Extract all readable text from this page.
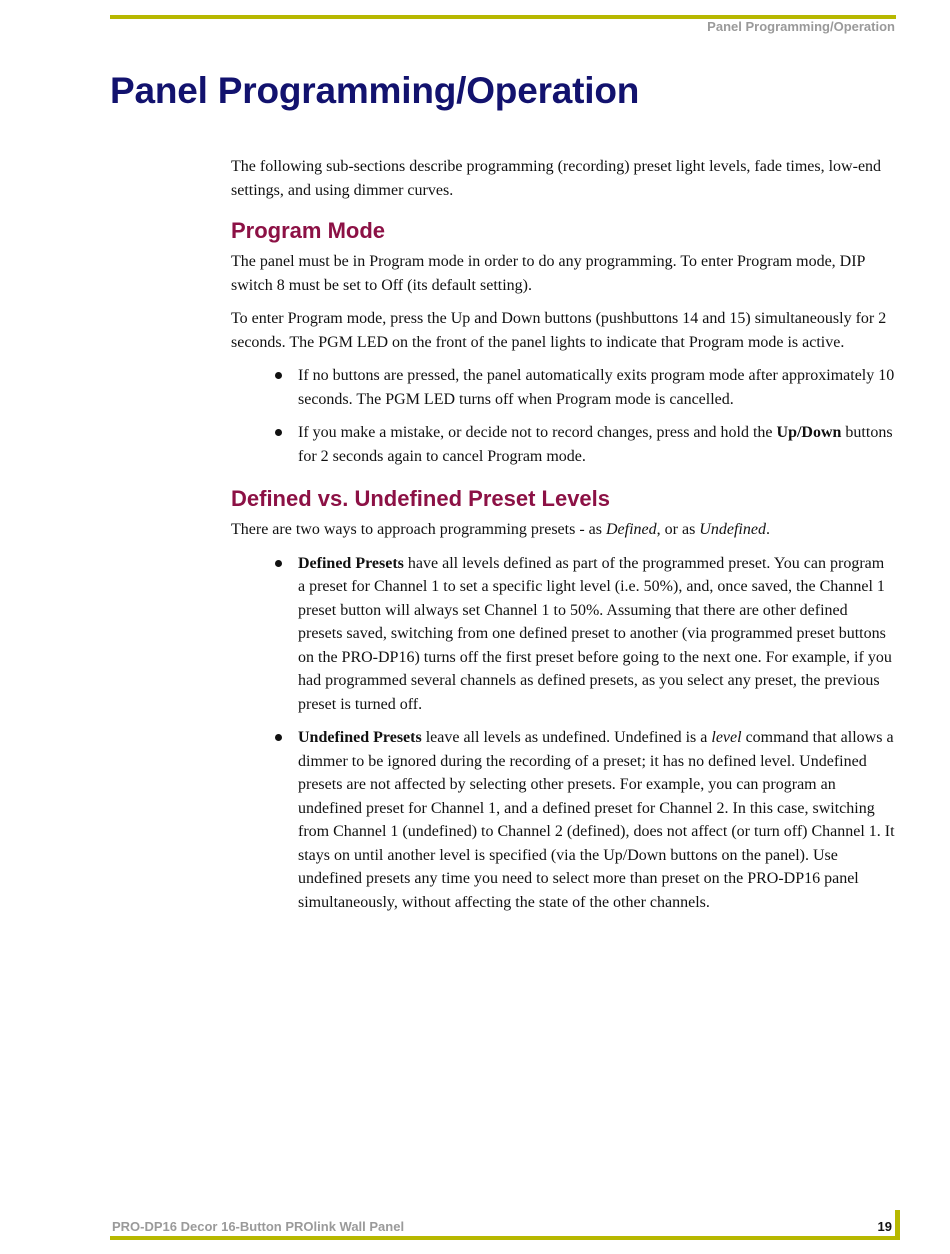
Panel Programming/Operation
Panel Programming/Operation

The following sub-sections describe programming (recording) preset light levels, fade times, low-end settings, and using dimmer curves.

Program Mode

The panel must be in Program mode in order to do any programming. To enter Program mode, DIP switch 8 must be set to Off (its default setting).

To enter Program mode, press the Up and Down buttons (pushbuttons 14 and 15) simultaneously for 2 seconds. The PGM LED on the front of the panel lights to indicate that Program mode is active.

If no buttons are pressed, the panel automatically exits program mode after approximately 10 seconds. The PGM LED turns off when Program mode is cancelled.
If you make a mistake, or decide not to record changes, press and hold the Up/Down buttons for 2 seconds again to cancel Program mode.
Defined vs. Undefined Preset Levels

There are two ways to approach programming presets - as Defined, or as Undefined.

Defined Presets have all levels defined as part of the programmed preset. You can program a preset for Channel 1 to set a specific light level (i.e. 50%), and, once saved, the Channel 1 preset button will always set Channel 1 to 50%. Assuming that there are other defined presets saved, switching from one defined preset to another (via programmed preset buttons on the PRO-DP16) turns off the first preset before going to the next one. For example, if you had programmed several channels as defined presets, as you select any preset, the previous preset is turned off.
Undefined Presets leave all levels as undefined. Undefined is a level command that allows a dimmer to be ignored during the recording of a preset; it has no defined level. Undefined presets are not affected by selecting other presets. For example, you can program an undefined preset for Channel 1, and a defined preset for Channel 2. In this case, switching from Channel 1 (undefined) to Channel 2 (defined), does not affect (or turn off) Channel 1. It stays on until another level is specified (via the Up/Down buttons on the panel). Use undefined presets any time you need to select more than preset on the PRO-DP16 panel simultaneously, without affecting the state of the other channels.
PRO-DP16 Decor 16-Button PROlink Wall Panel	19
